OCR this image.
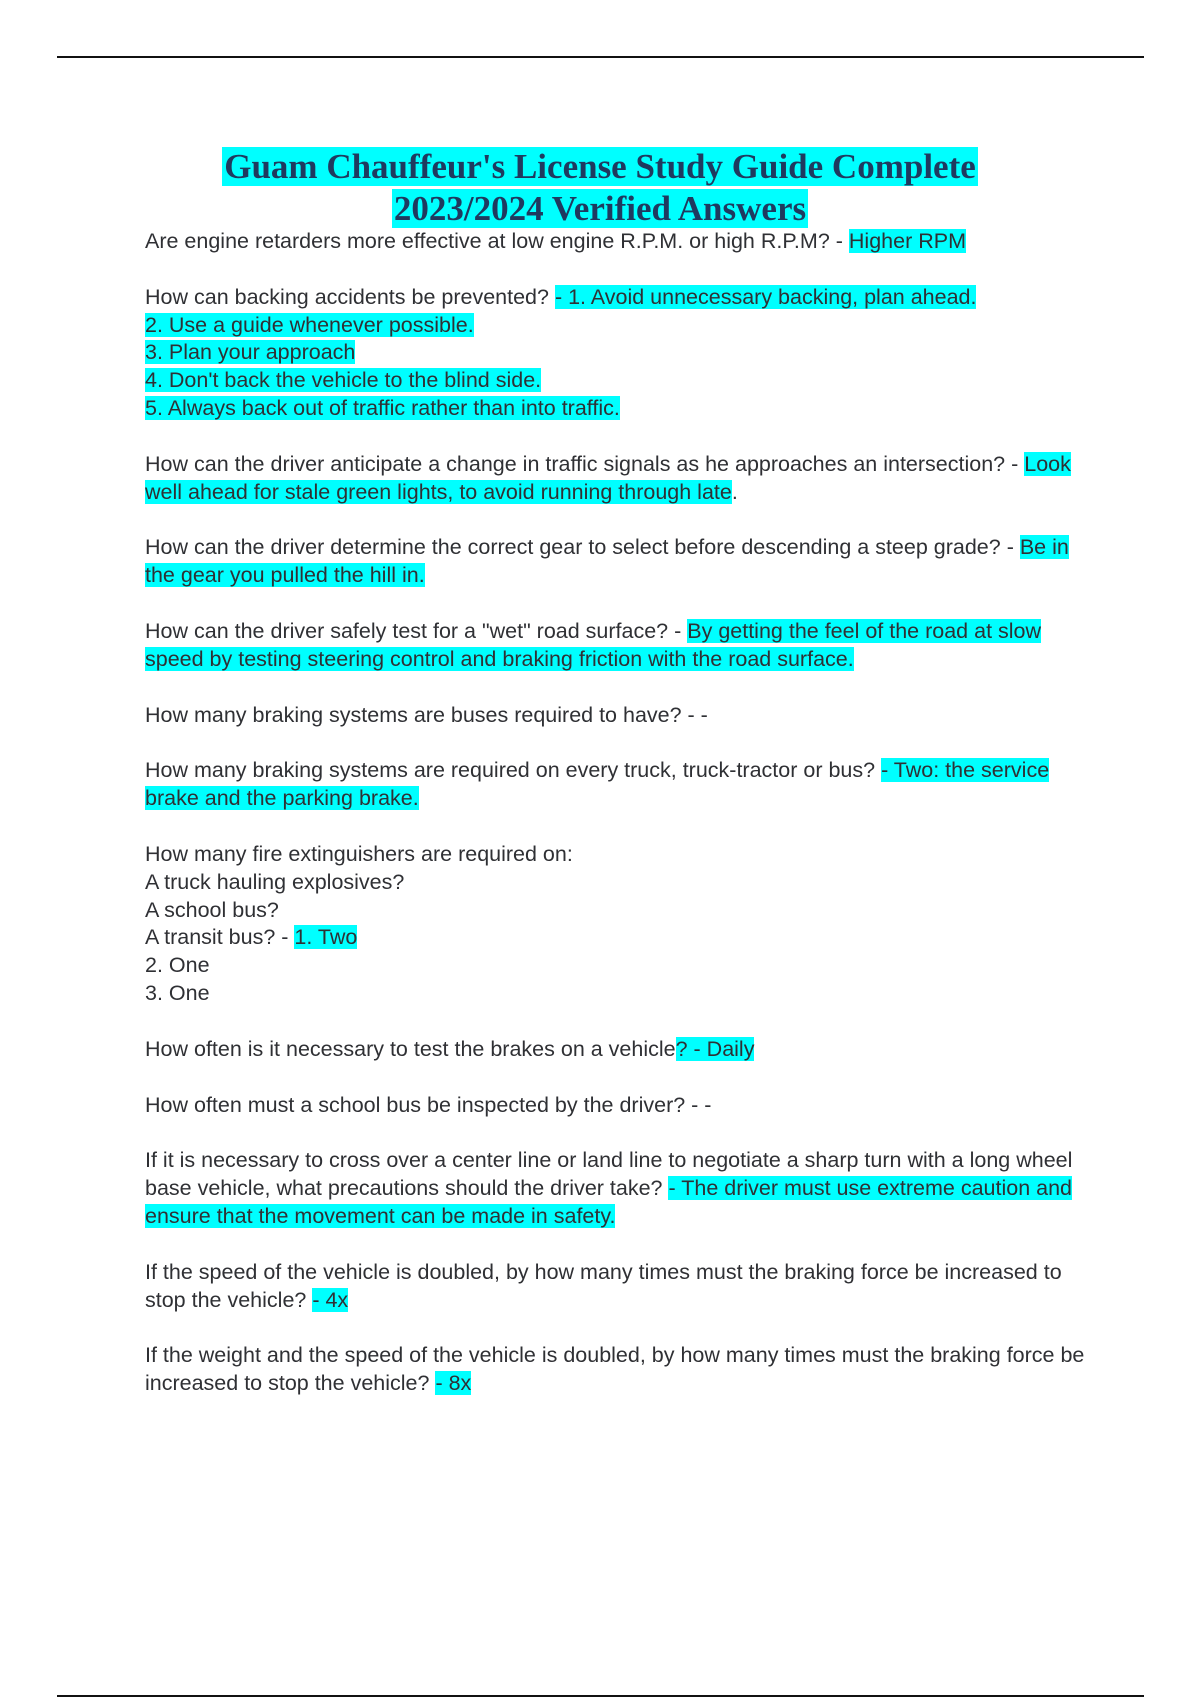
Guam Chauffeur's License Study Guide Complete
2023/2024 Verified Answers

Are engine retarders more effective at low engine R.P.M. or high R.P.M? - Higher RPM

How can backing accidents be prevented? - 1. Avoid unnecessary backing, plan ahead.
2. Use a guide whenever possible.
3. Plan your approach
4. Don't back the vehicle to the blind side.
5. Always back out of traffic rather than into traffic.

How can the driver anticipate a change in traffic signals as he approaches an intersection? - Look well ahead for stale green lights, to avoid running through late.

How can the driver determine the correct gear to select before descending a steep grade? - Be in the gear you pulled the hill in.

How can the driver safely test for a "wet" road surface? - By getting the feel of the road at slow speed by testing steering control and braking friction with the road surface.

How many braking systems are buses required to have? - -

How many braking systems are required on every truck, truck-tractor or bus? - Two: the service brake and the parking brake.

How many fire extinguishers are required on:
A truck hauling explosives?
A school bus?
A transit bus? - 1. Two
2. One
3. One

How often is it necessary to test the brakes on a vehicle? - Daily

How often must a school bus be inspected by the driver? - -

If it is necessary to cross over a center line or land line to negotiate a sharp turn with a long wheel base vehicle, what precautions should the driver take? - The driver must use extreme caution and ensure that the movement can be made in safety.

If the speed of the vehicle is doubled, by how many times must the braking force be increased to stop the vehicle? - 4x

If the weight and the speed of the vehicle is doubled, by how many times must the braking force be increased to stop the vehicle? - 8x
